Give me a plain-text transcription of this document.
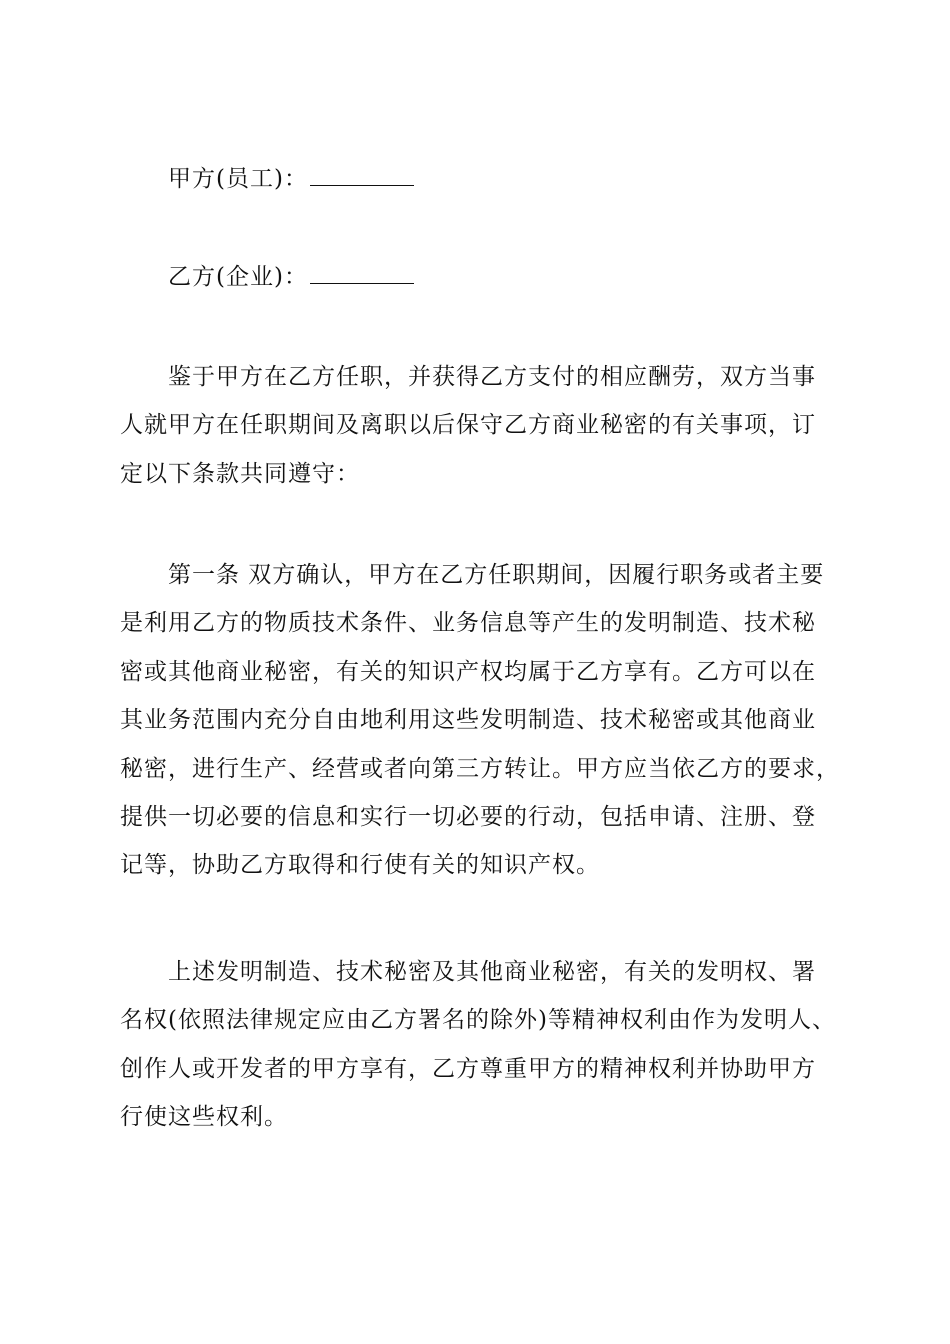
甲方(员工)：
乙方(企业)：
鉴于甲方在乙方任职，并获得乙方支付的相应酬劳，双方当事
人就甲方在任职期间及离职以后保守乙方商业秘密的有关事项，订
定以下条款共同遵守：
第一条 双方确认，甲方在乙方任职期间，因履行职务或者主要
是利用乙方的物质技术条件、业务信息等产生的发明制造、技术秘
密或其他商业秘密，有关的知识产权均属于乙方享有。乙方可以在
其业务范围内充分自由地利用这些发明制造、技术秘密或其他商业
秘密，进行生产、经营或者向第三方转让。甲方应当依乙方的要求，
提供一切必要的信息和实行一切必要的行动，包括申请、注册、登
记等，协助乙方取得和行使有关的知识产权。
上述发明制造、技术秘密及其他商业秘密，有关的发明权、署
名权(依照法律规定应由乙方署名的除外)等精神权利由作为发明人、
创作人或开发者的甲方享有，乙方尊重甲方的精神权利并协助甲方
行使这些权利。
